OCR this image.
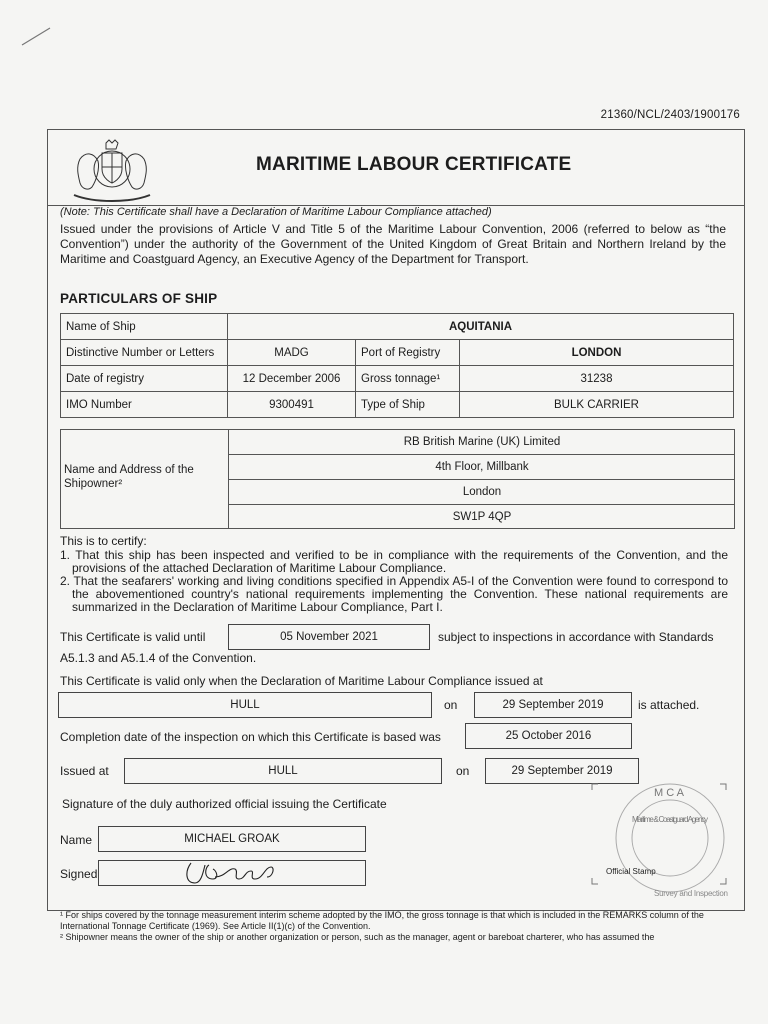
21360/NCL/2403/1900176
MARITIME LABOUR CERTIFICATE
(Note: This Certificate shall have a Declaration of Maritime Labour Compliance attached)
Issued under the provisions of Article V and Title 5 of the Maritime Labour Convention, 2006 (referred to below as “the Convention”) under the authority of the Government of the United Kingdom of Great Britain and Northern Ireland by the Maritime and Coastguard Agency, an Executive Agency of the Department for Transport.
PARTICULARS OF SHIP
Name of Ship	AQUITANIA		
Distinctive Number or Letters	MADG	Port of Registry	LONDON
Date of registry	12 December 2006	Gross tonnage¹	31238
IMO Number	9300491	Type of Ship	BULK CARRIER
Name and Address of the Shipowner²
RB British Marine (UK) Limited
4th Floor, Millbank
London
SW1P 4QP
This is to certify:
1. That this ship has been inspected and verified to be in compliance with the requirements of the Convention, and the provisions of the attached Declaration of Maritime Labour Compliance.
2. That the seafarers' working and living conditions specified in Appendix A5-I of the Convention were found to correspond to the abovementioned country's national requirements implementing the Convention. These national requirements are summarized in the Declaration of Maritime Labour Compliance, Part I.
This Certificate is valid until	05 November 2021	subject to inspections in accordance with Standards
A5.1.3 and A5.1.4 of the Convention.
This Certificate is valid only when the Declaration of Maritime Labour Compliance issued at
HULL	on	29 September 2019	is attached.
Completion date of the inspection on which this Certificate is based was	25 October 2016
Issued at	HULL	on	29 September 2019
Signature of the duly authorized official issuing the Certificate
Name	MICHAEL GROAK
Signed
M C A
Maritime & Coastguard Agency
Official Stamp
Survey and Inspection
¹ For ships covered by the tonnage measurement interim scheme adopted by the IMO, the gross tonnage is that which is included in the REMARKS column of the International Tonnage Certificate (1969). See Article II(1)(c) of the Convention.
² Shipowner means the owner of the ship or another organization or person, such as the manager, agent or bareboat charterer, who has assumed the
